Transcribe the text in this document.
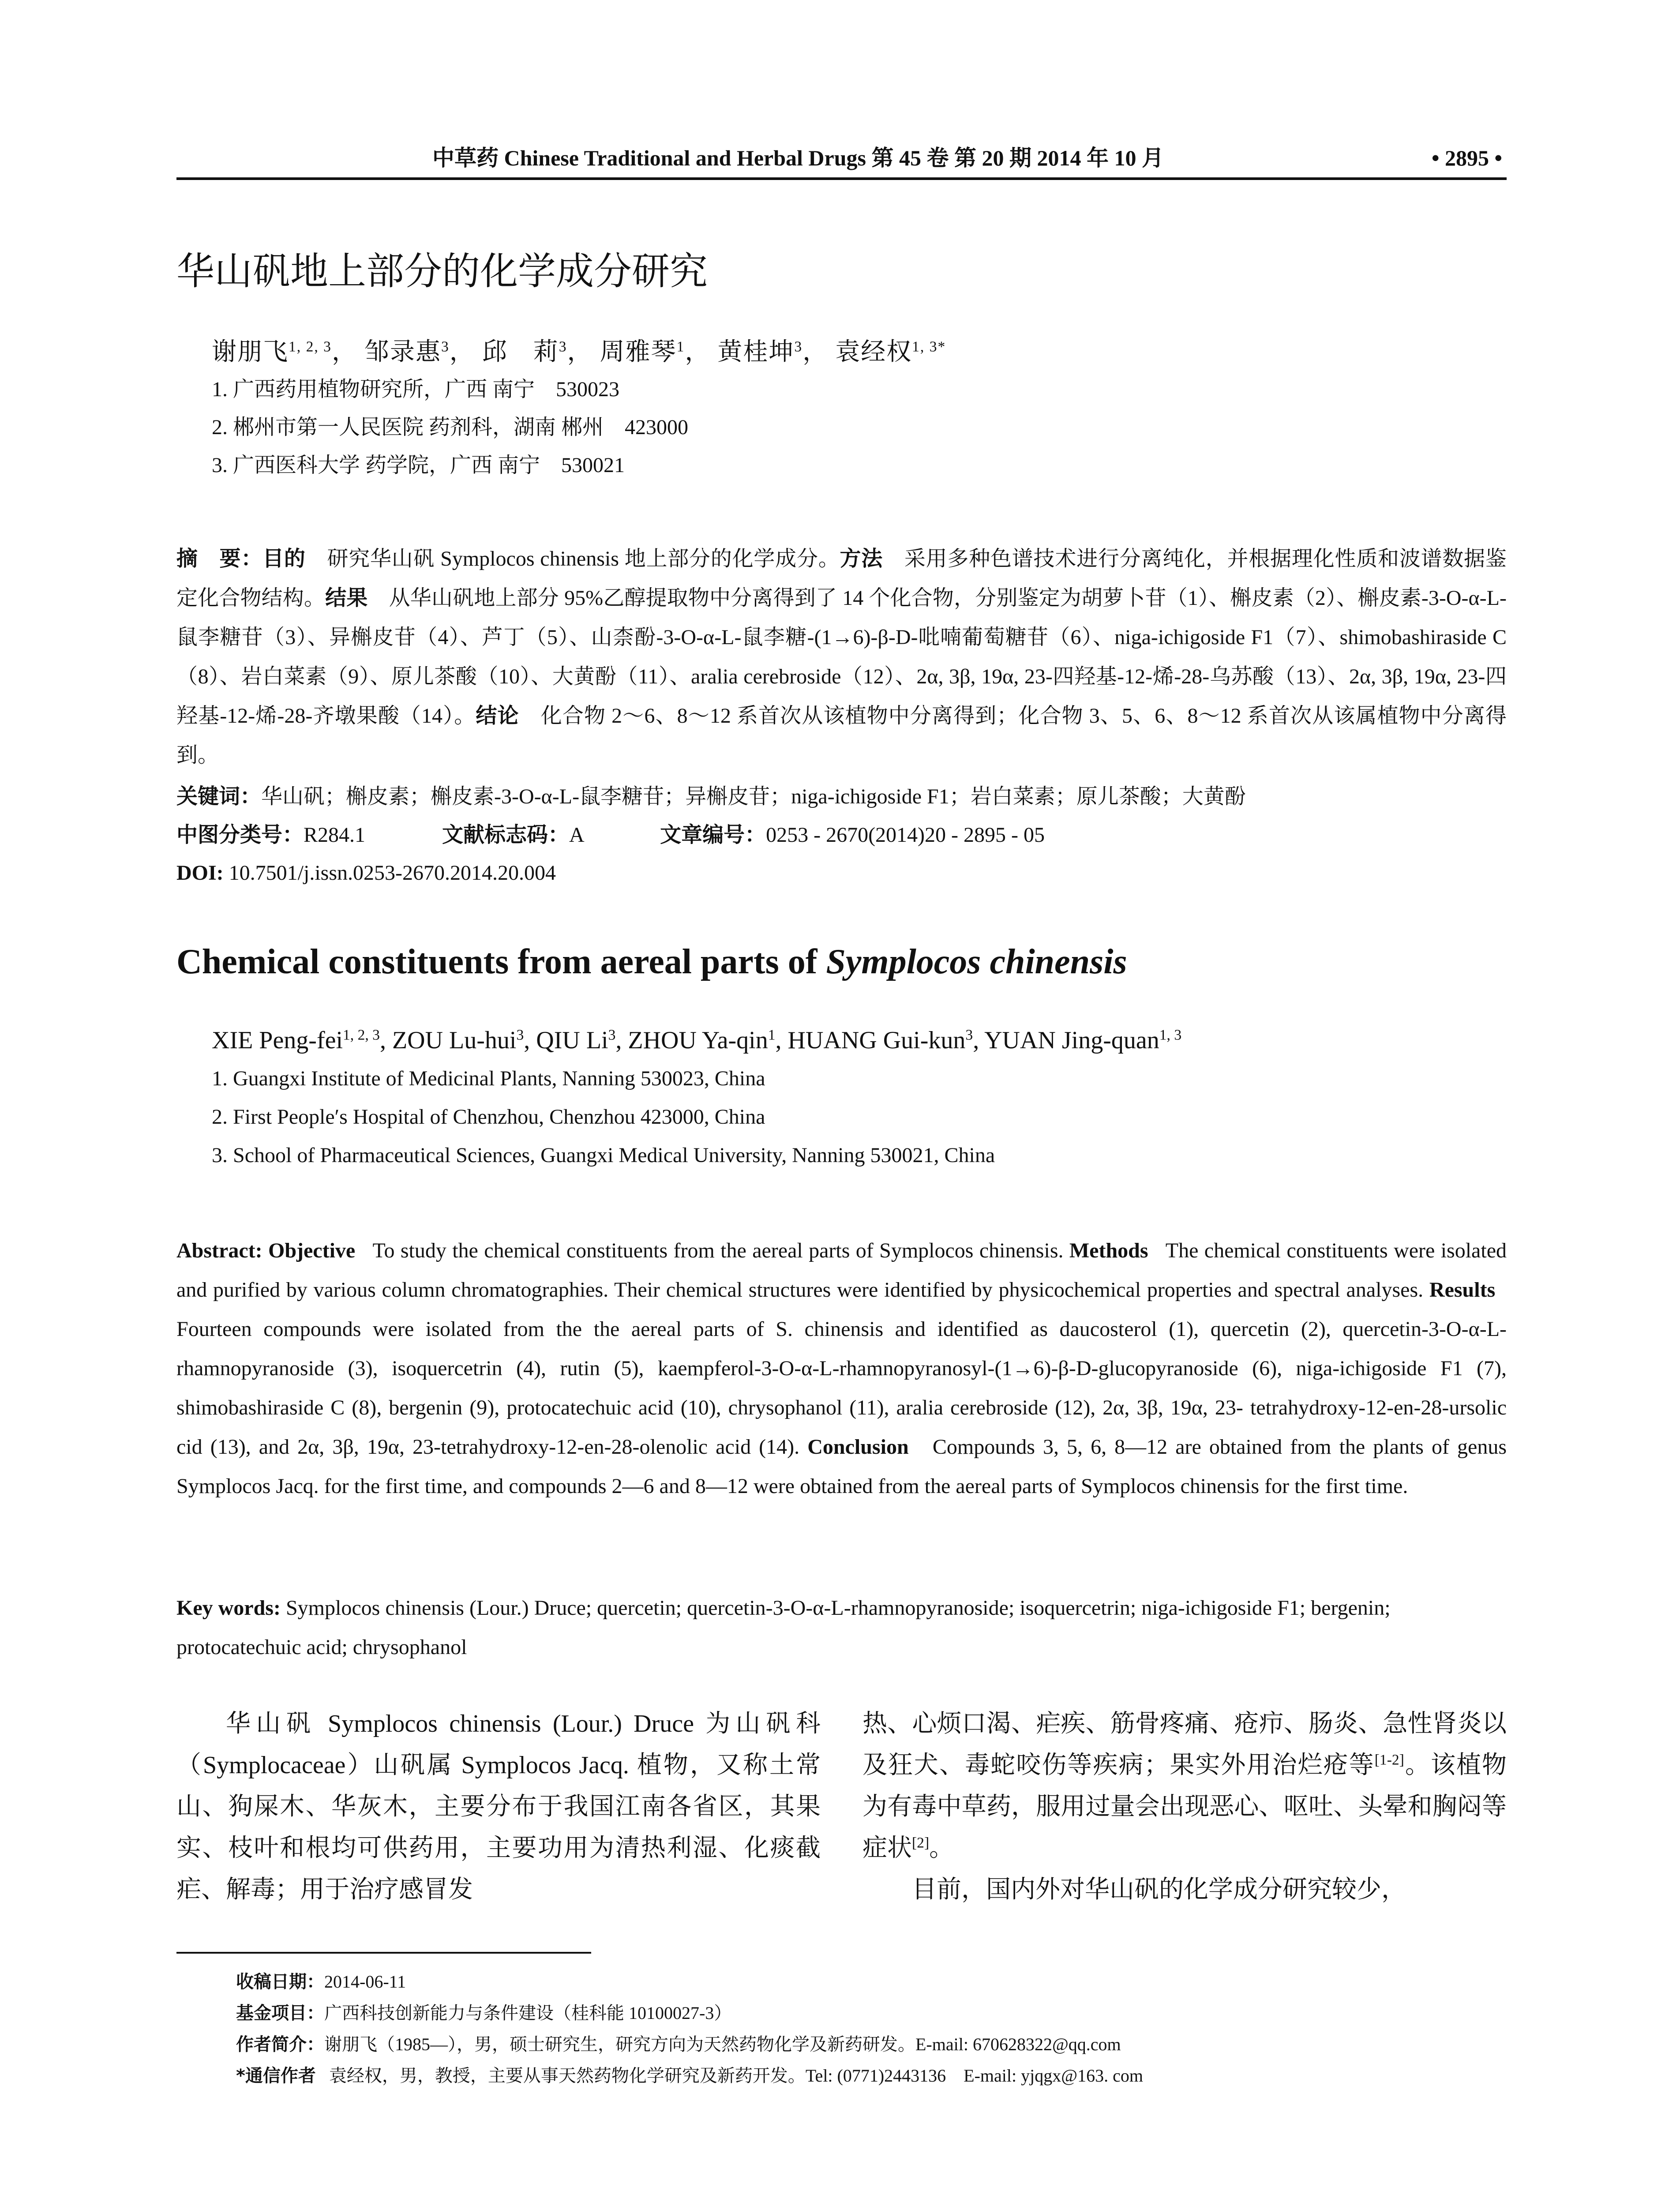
中草药 Chinese Traditional and Herbal Drugs 第 45 卷 第 20 期 2014 年 10 月	• 2895 •
华山矾地上部分的化学成分研究
谢朋飞$^{1, 2, 3}$， 邹录惠$^3$， 邱　莉$^3$， 周雅琴$^1$， 黄桂坤$^3$， 袁经权$^{1, 3*}$
1. 广西药用植物研究所，广西 南宁　530023
2. 郴州市第一人民医院 药剂科，湖南 郴州　423000
3. 广西医科大学 药学院，广西 南宁　530021
摘　要：目的　 研究华山矾 Symplocos chinensis 地上部分的化学成分。方法　 采用多种色谱技术进行分离纯化，并根据理化性质和波谱数据鉴定化合物结构。结果　 从华山矾地上部分 95%乙醇提取物中分离得到了 14 个化合物，分别鉴定为胡萝卜苷（1）、槲皮素（2）、槲皮素-3-O-α-L-鼠李糖苷（3）、异槲皮苷（4）、芦丁（5）、山柰酚-3-O-α-L-鼠李糖-(1→6)-β-D-吡喃葡萄糖苷（6）、niga-ichigoside F1（7）、shimobashiraside C（8）、岩白菜素（9）、原儿茶酸（10）、大黄酚（11）、aralia cerebroside（12）、2α, 3β, 19α, 23-四羟基-12-烯-28-乌苏酸（13）、2α, 3β, 19α, 23-四羟基-12-烯-28-齐墩果酸（14）。结论　 化合物 2～6、8～12 系首次从该植物中分离得到；化合物 3、5、6、8～12 系首次从该属植物中分离得到。
关键词：华山矾；槲皮素；槲皮素-3-O-α-L-鼠李糖苷；异槲皮苷；niga-ichigoside F1；岩白菜素；原儿茶酸；大黄酚
中图分类号：R284.1	文献标志码：A	文章编号：0253 - 2670(2014)20 - 2895 - 05
DOI: 10.7501/j.issn.0253-2670.2014.20.004
Chemical constituents from aereal parts of Symplocos chinensis
XIE Peng-fei$^{1, 2, 3}$, ZOU Lu-hui$^3$, QIU Li$^3$, ZHOU Ya-qin$^1$, HUANG Gui-kun$^3$, YUAN Jing-quan$^{1, 3}$
1. Guangxi Institute of Medicinal Plants, Nanning 530023, China
2. First People′s Hospital of Chenzhou, Chenzhou 423000, China
3. School of Pharmaceutical Sciences, Guangxi Medical University, Nanning 530021, China
Abstract: Objective To study the chemical constituents from the aereal parts of Symplocos chinensis. Methods The chemical constituents were isolated and purified by various column chromatographies. Their chemical structures were identified by physicochemical properties and spectral analyses. Results   Fourteen compounds were isolated from the the aereal parts of S. chinensis and identified as daucosterol (1), quercetin (2), quercetin-3-O-α-L-rhamnopyranoside (3), isoquercetrin (4), rutin (5), kaempferol-3-O-α-L-rhamnopyranosyl-(1→6)-β-D-glucopyranoside (6), niga-ichigoside F1 (7), shimobashiraside C (8), bergenin (9), protocatechuic acid (10), chrysophanol (11), aralia cerebroside (12), 2α, 3β, 19α, 23- tetrahydroxy-12-en-28-ursolic cid (13), and 2α, 3β, 19α, 23-tetrahydroxy-12-en-28-olenolic acid (14). Conclusion Compounds 3, 5, 6, 8—12 are obtained from the plants of genus Symplocos Jacq. for the first time, and compounds 2—6 and 8—12 were obtained from the aereal parts of Symplocos chinensis for the first time.
Key words: Symplocos chinensis (Lour.) Druce; quercetin; quercetin-3-O-α-L-rhamnopyranoside; isoquercetrin; niga-ichigoside F1; bergenin; protocatechuic acid; chrysophanol

华山矾 Symplocos chinensis (Lour.) Druce 为山矾科（Symplocaceae）山矾属 Symplocos Jacq. 植物，又称土常山、狗屎木、华灰木，主要分布于我国江南各省区，其果实、枝叶和根均可供药用，主要功用为清热利湿、化痰截疟、解毒；用于治疗感冒发

热、心烦口渴、疟疾、筋骨疼痛、疮疖、肠炎、急性肾炎以及狂犬、毒蛇咬伤等疾病；果实外用治烂疮等[1-2]。该植物为有毒中草药，服用过量会出现恶心、呕吐、头晕和胸闷等症状[2]。

目前，国内外对华山矾的化学成分研究较少，

收稿日期：2014-06-11
基金项目：广西科技创新能力与条件建设（桂科能 10100027-3）
作者简介：谢朋飞（1985—），男，硕士研究生，研究方向为天然药物化学及新药研发。E-mail: 670628322@qq.com
*通信作者 袁经权，男，教授，主要从事天然药物化学研究及新药开发。Tel: (0771)2443136　E-mail: yjqgx@163. com
